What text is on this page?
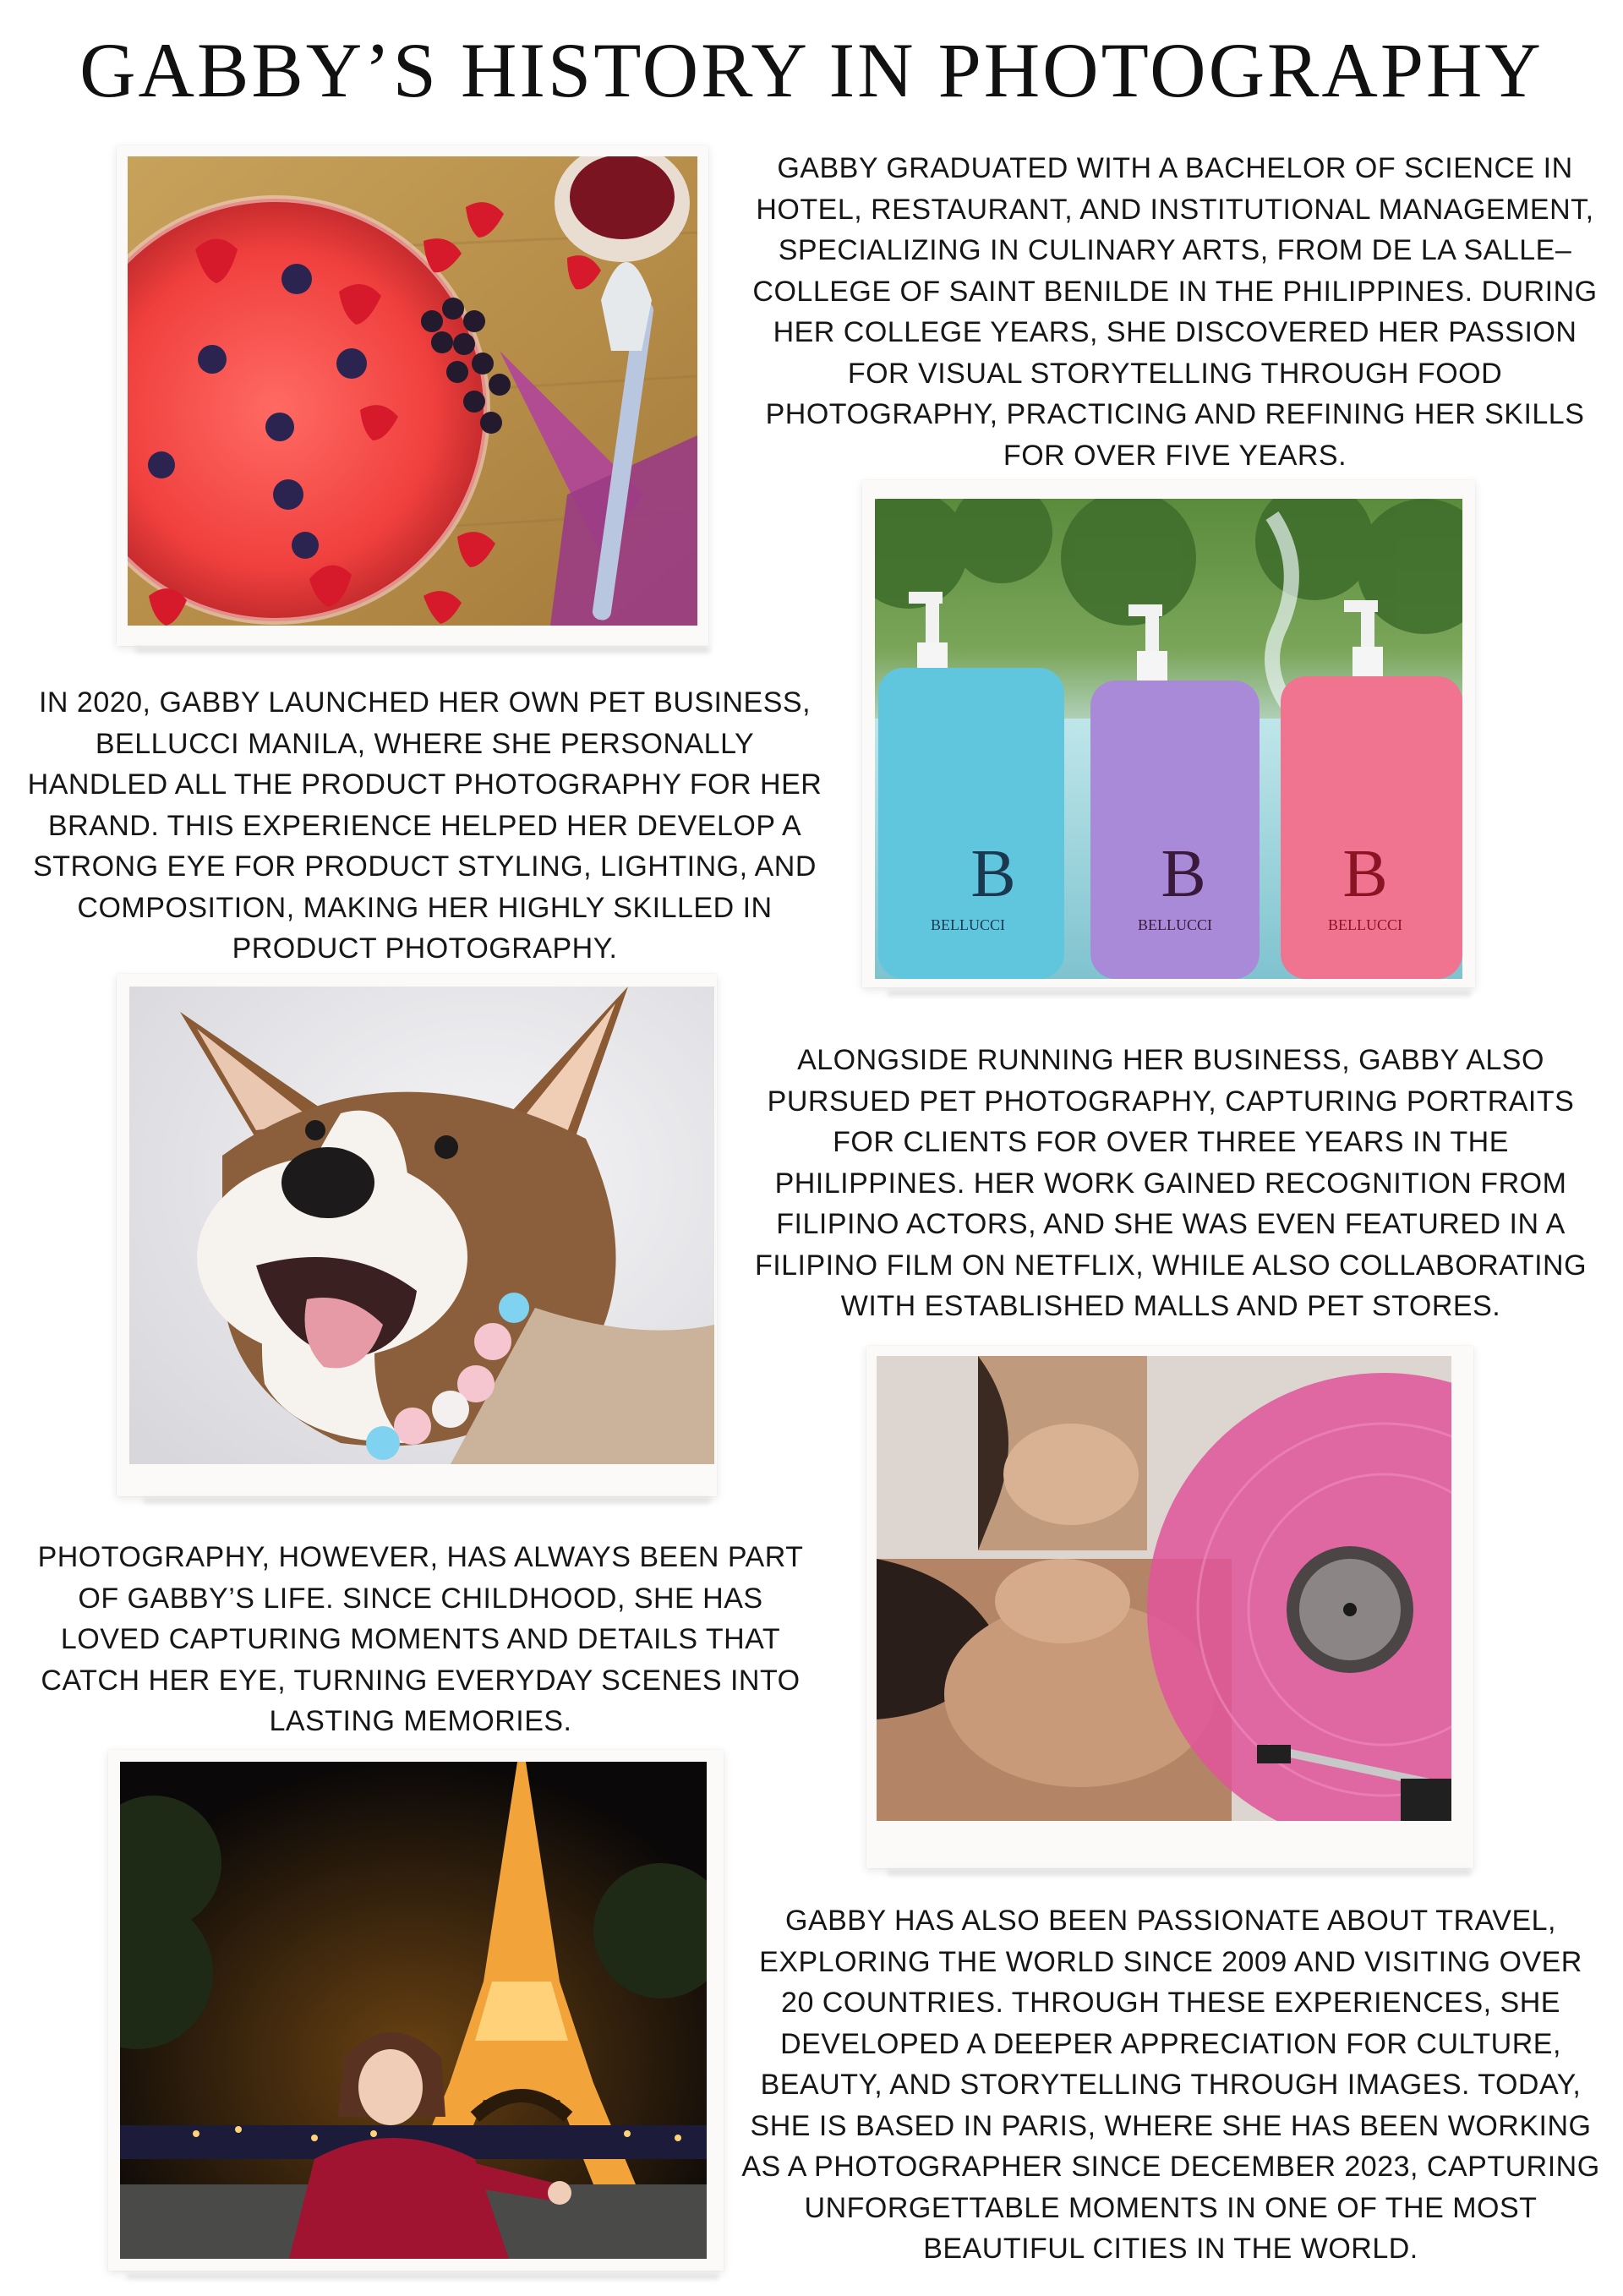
GABBY’S HISTORY IN PHOTOGRAPHY

GABBY GRADUATED WITH A BACHELOR OF SCIENCE IN HOTEL, RESTAURANT, AND INSTITUTIONAL MANAGEMENT, SPECIALIZING IN CULINARY ARTS, FROM DE LA SALLE–COLLEGE OF SAINT BENILDE IN THE PHILIPPINES. DURING HER COLLEGE YEARS, SHE DISCOVERED HER PASSION FOR VISUAL STORYTELLING THROUGH FOOD PHOTOGRAPHY, PRACTICING AND REFINING HER SKILLS FOR OVER FIVE YEARS.

IN 2020, GABBY LAUNCHED HER OWN PET BUSINESS, BELLUCCI MANILA, WHERE SHE PERSONALLY HANDLED ALL THE PRODUCT PHOTOGRAPHY FOR HER BRAND. THIS EXPERIENCE HELPED HER DEVELOP A STRONG EYE FOR PRODUCT STYLING, LIGHTING, AND COMPOSITION, MAKING HER HIGHLY SKILLED IN PRODUCT PHOTOGRAPHY.

ALONGSIDE RUNNING HER BUSINESS, GABBY ALSO PURSUED PET PHOTOGRAPHY, CAPTURING PORTRAITS FOR CLIENTS FOR OVER THREE YEARS IN THE PHILIPPINES. HER WORK GAINED RECOGNITION FROM FILIPINO ACTORS, AND SHE WAS EVEN FEATURED IN A FILIPINO FILM ON NETFLIX, WHILE ALSO COLLABORATING WITH ESTABLISHED MALLS AND PET STORES.

PHOTOGRAPHY, HOWEVER, HAS ALWAYS BEEN PART OF GABBY’S LIFE. SINCE CHILDHOOD, SHE HAS LOVED CAPTURING MOMENTS AND DETAILS THAT CATCH HER EYE, TURNING EVERYDAY SCENES INTO LASTING MEMORIES.

GABBY HAS ALSO BEEN PASSIONATE ABOUT TRAVEL, EXPLORING THE WORLD SINCE 2009 AND VISITING OVER 20 COUNTRIES. THROUGH THESE EXPERIENCES, SHE DEVELOPED A DEEPER APPRECIATION FOR CULTURE, BEAUTY, AND STORYTELLING THROUGH IMAGES. TODAY, SHE IS BASED IN PARIS, WHERE SHE HAS BEEN WORKING AS A PHOTOGRAPHER SINCE DECEMBER 2023, CAPTURING UNFORGETTABLE MOMENTS IN ONE OF THE MOST BEAUTIFUL CITIES IN THE WORLD.

B
BELLUCCI
B
BELLUCCI
B
BELLUCCI
